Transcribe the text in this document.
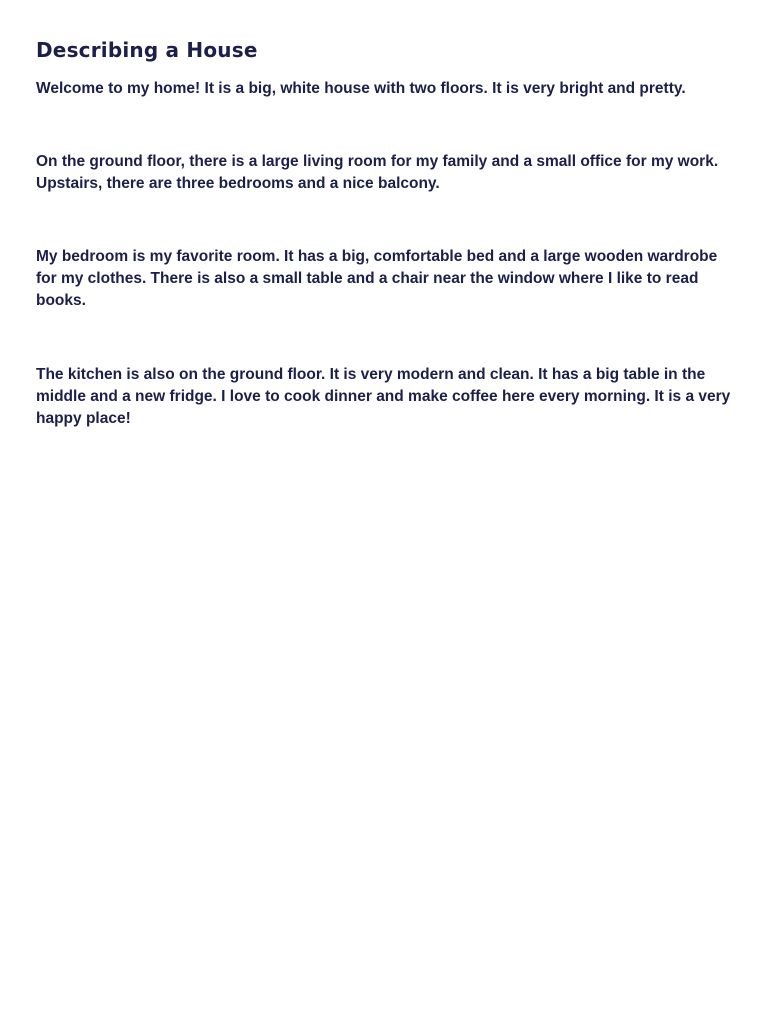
Describing a House

Welcome to my home! It is a big, white house with two floors. It is very bright and pretty.

On the ground floor, there is a large living room for my family and a small office for my work. Upstairs, there are three bedrooms and a nice balcony.

My bedroom is my favorite room. It has a big, comfortable bed and a large wooden wardrobe for my clothes. There is also a small table and a chair near the window where I like to read books.

The kitchen is also on the ground floor. It is very modern and clean. It has a big table in the middle and a new fridge. I love to cook dinner and make coffee here every morning. It is a very happy place!
